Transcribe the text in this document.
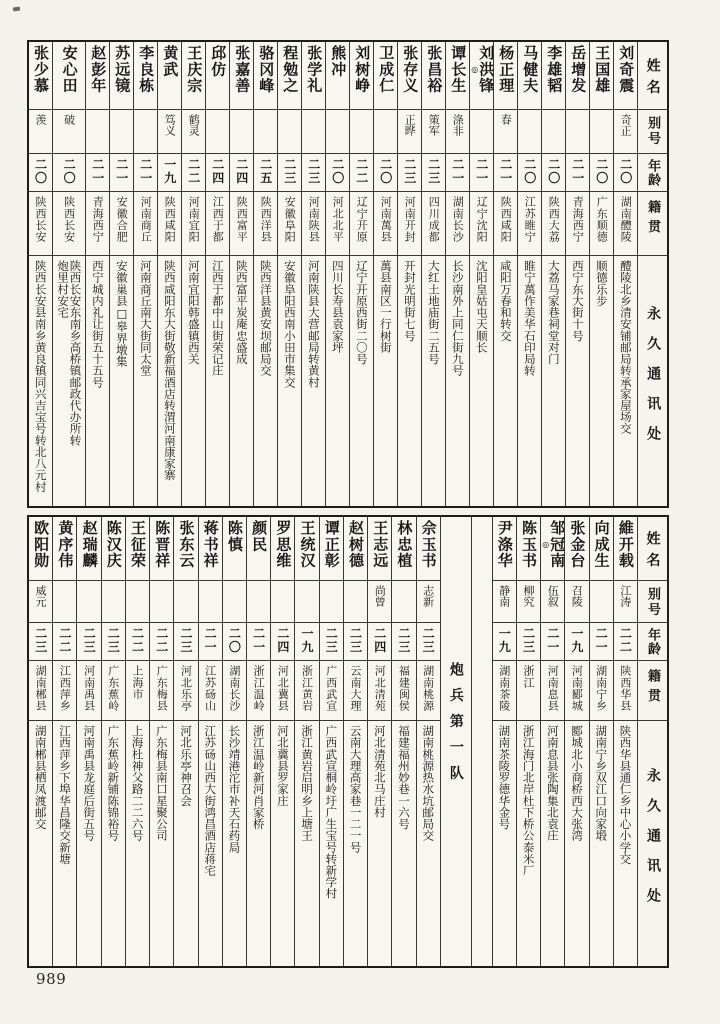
姓名
别号
年龄
籍贯
永久通讯处
刘奇震
奇正
二〇
湖南醴陵
醴陵北乡清安铺邮局转承家屋场交
王国雄
二〇
广东顺德
顺德乐步
岳增发
二一
青海西宁
西宁东大街十号
李雄韬
二〇
陕西大荔
大荔马家巷祠堂对门
马健夫
二〇
江苏睢宁
睢宁萬作美华石印局转
杨正理
春
二一
陕西咸阳
咸阳万春和转交
刘洪锋
◎
二一
辽宁沈阳
沈阳皇姑屯天顺长
谭长生
涤非
二一
湖南长沙
长沙南外上同仁街九号
张昌裕
策军
二三
四川成都
大红土地庙街二五号
张存义
正晔
二三
河南开封
开封光明街七号
卫成仁
二〇
河南萬县
萬县南区一行树街
刘树峥
二二
辽宁开原
辽宁开原西街二〇号
熊冲
二〇
河北北平
四川长寿县袁家坪
张学礼
二三
河南陕县
河南陕县大营邮局转黄村
程勉之
二三
安徽阜阳
安徽阜阳西南小田市集交
骆冈峰
二五
陕西洋县
陕西洋县黄安坝邮局交
张嘉善
二四
陕西富平
陕西富平炭庵忠盛成
邱仿
二四
江西于都
江西于都中山街荣记庄
王庆宗
鹤灵
二二
河南宜阳
河南宜阳韩盛镇西关
黄武
笃义
一九
陕西咸阳
陕西咸阳东大街敬新福酒店转渭河南康家寨
李良栋
二一
河南商丘
河南商丘南大街同太堂
苏远镜
二一
安徽合肥
安徽巢县□皋界墩集
赵彭年
二一
青海西宁
西宁城内礼让街五十五号
安心田
破
二〇
陕西长安
陕西长安东南乡高桥镇邮政代办所转
炮里村安宅
张少慕
羡
二〇
陕西长安
陕西长安县南乡黄良镇同兴吉宝号转北八元村
姓名
别号
年龄
籍贯
永久通讯处
維开载
江涛
二二
陕西华县
陕西华县通仁乡中心小学交
向成生
二一
湖南宁乡
湖南宁乡双江口向家塅
张金台
召陵
一九
河南郾城
郾城北小商桥西大张湾
邹冠南
◎
伍叙
二一
河南息县
河南息县张陶集北袁庄
陈玉书
柳究
二三
浙江
浙江海门北岸杜下桥公泰米厂
尹涤华
静南
一九
湖南茶陵
湖南茶陵罗德华金号
炮兵第一队
佘玉书
志新
二三
湖南桃源
湖南桃源热水坑邮局交
林忠植
二三
福建闽侯
福建福州妙巷一六号
王志远
尚曾
二四
河北清苑
河北清苑北马庄村
赵树德
二三
云南大理
云南大理高家巷一二一号
谭正彰
二三
广西武宣
广西武宣桐岭圩广生宝号转新学村
王统汉
一九
浙江黄岩
浙江黄岩启明乡上塘王
罗思维
二四
河北冀县
河北冀县罗家庄
颜民
二一
浙江温岭
浙江温岭新河肖家桥
陈慎
二〇
湖南长沙
长沙靖港沱市补天石药局
蒋书祥
二一
江苏砀山
江苏砀山西大街鸿昌酒店蒋宅
张东云
二三
河北乐亭
河北乐亭神召会
陈晋祥
二二
广东梅县
广东梅县南口星聚公司
王征荣
二二
上海市
上海杜神父路二二六号
陈汉庆
二三
广东蕉岭
广东蕉岭新铺陈锦裕号
赵瑞麟
二三
河南禹县
河南禹县龙庭后街五号
黄序伟
二二
江西萍乡
江西萍乡下埠华昌隆交新塘
欧阳勋
威元
二三
湖南郴县
湖南郴县栖凤渡邮交
989
